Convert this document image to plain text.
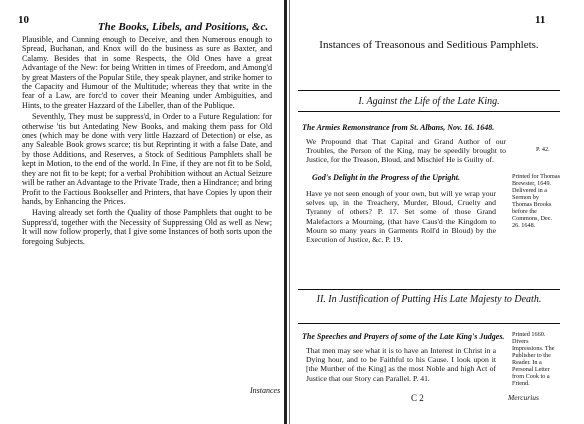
10	11
The Books, Libels, and Positions, &c.

Plausible, and Cunning enough to Deceive, and then Numerous enough to Spread, Buchanan, and Knox will do the business as sure as Baxter, and Calamy. Besides that in some Respects, the Old Ones have a great Advantage of the New: for being Written in times of Freedom, and Among'd by great Masters of the Popular Stile, they speak playner, and strike homer to the Capacity and Humour of the Multitude; whereas they that write in the fear of a Law, are forc'd to cover their Meaning under Ambiguities, and Hints, to the greater Hazzard of the Libeller, than of the Publique.

Seventhly, They must be suppress'd, in Order to a Future Regulation: for otherwise 'tis but Antedating New Books, and making them pass for Old ones (which may be done with very little Hazzard of Detection) or else, as any Saleable Book grows scarce; tis but Reprinting it with a false Date, and by those Additions, and Reserves, a Stock of Seditious Pamphlets shall be kept in Motion, to the end of the world. In Fine, if they are not fit to be Sold, they are not fit to be kept; for a verbal Prohibition without an Actual Seizure will be rather an Advantage to the Private Trade, then a Hindrance; and bring Profit to the Factious Bookseller and Printers, that have Copies ly upon their hands, by Enhancing the Prices.

Having already set forth the Quality of those Pamphlets that ought to be Suppress'd, together with the Necessity of Suppressing Old as well as New; It will now follow properly, that I give some Instances of both sorts upon the foregoing Subjects.

Instances
Instances of Treasonous and Seditious Pamphlets.
I. Against the Life of the Late King.
The Armies Remonstrance from St. Albans, Nov. 16. 1648.
We Propound that That Capital and Grand Author of our Troubles, the Person of the King, may be speedily brought to Justice, for the Treason, Bloud, and Mischief He is Guilty of.
P. 42.
God's Delight in the Progress of the Upright.
Have ye not seen enough of your own, but will ye wrap your selves up, in the Treachery, Murder, Bloud, Cruelty and Tyranny of others? P. 17. Set some of those Grand Malefactors a Mourning, (that have Caus'd the Kingdom to Mourn so many years in Garments Roll'd in Bloud) by the Execution of Justice, &c. P. 19.
Printed for Thomas Brewster, 1649. Delivered in a Sermon by Thomas Brooks before the Commons, Dec. 26. 1648.
II. In Justification of Putting His Late Majesty to Death.
The Speeches and Prayers of some of the Late King's Judges.
That men may see what it is to have an Interest in Christ in a Dying hour, and to be Faithful to his Cause. I look upon it [the Murther of the King] as the most Noble and high Act of Justice that our Story can Parallel. P. 41.
Printed 1660. Divers Impressions. The Publisher to the Reader. In a Personal Letter from Cook to a Friend.
C 2	Mercurius
